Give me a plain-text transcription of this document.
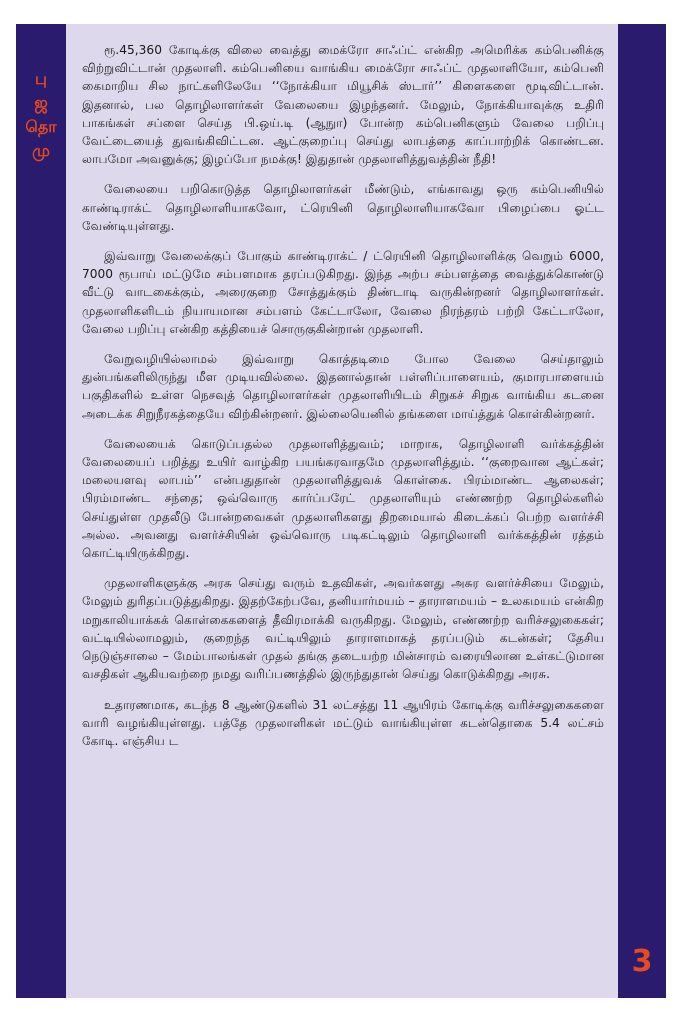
பு
ஜ
தொ
மு

ரூ.45,360 கோடிக்கு விலை வைத்து மைக்ரோ சாஃப்ட் என்கிற அமெரிக்க கம்பெனிக்கு விற்றுவிட்டான் முதலாளி. கம்பெனியை வாங்கிய மைக்ரோ சாஃப்ட் முதலாளியோ, கம்பெனி கைமாறிய சில நாட்களிலேயே ‘‘நோக்கியா மியூசிக் ஸ்டார்’’ கிளைகளை மூடிவிட்டான். இதனால், பல தொழிலாளர்கள் வேலையை இழந்தனர். மேலும், நோக்கியாவுக்கு உதிரி பாகங்கள் சப்ளை செய்த பி.ஒய்.டி (ஆநுா) போன்ற கம்பெனிகளும் வேலை பறிப்பு வேட்டையைத் துவங்கிவிட்டன. ஆட்குறைப்பு செய்து லாபத்தை காப்பாற்றிக் கொண்டன. லாபமோ அவனுக்கு; இழப்போ நமக்கு! இதுதான் முதலாளித்துவத்தின் நீதி!

வேலையை பறிகொடுத்த தொழிலாளர்கள் மீண்டும், எங்காவது ஒரு கம்பெனியில் காண்டிராக்ட் தொழிலாளியாகவோ, ட்ரெயினி தொழிலாளியாகவோ பிழைப்பை ஓட்ட வேண்டியுள்ளது.

இவ்வாறு வேலைக்குப் போகும் காண்டிராக்ட் / ட்ரெயினி தொழிலாளிக்கு வெறும் 6000, 7000 ரூபாய் மட்டுமே சம்பளமாக தரப்படுகிறது. இந்த அற்ப சம்பளத்தை வைத்துக்கொண்டு வீட்டு வாடகைக்கும், அரைகுறை சோத்துக்கும் திண்டாடி வருகின்றனர் தொழிலாளர்கள். முதலாளிகளிடம் நியாயமான சம்பளம் கேட்டாலோ, வேலை நிரந்தரம் பற்றி கேட்டாலோ, வேலை பறிப்பு என்கிற கத்தியைச் சொருகுகின்றான் முதலாளி.

வேறுவழியில்லாமல் இவ்வாறு கொத்தடிமை போல வேலை செய்தாலும் துன்பங்களிலிருந்து மீள முடியவில்லை. இதனால்தான் பள்ளிப்பாளையம், குமாரபாளையம் பகுதிகளில் உள்ள நெசவுத் தொழிலாளர்கள் முதலாளியிடம் சிறுகச் சிறுக வாங்கிய கடனை அடைக்க சிறுநீரகத்தையே விற்கின்றனர். இல்லையெனில் தங்களை மாய்த்துக் கொள்கின்றனர்.

வேலையைக் கொடுப்பதல்ல முதலாளித்துவம்; மாறாக, தொழிலாளி வர்க்கத்தின் வேலையைப் பறித்து உயிர் வாழ்கிற பயங்கரவாதமே முதலாளித்தும். ‘‘குறைவான ஆட்கள்; மலையளவு லாபம்’’ என்பதுதான் முதலாளித்துவக் கொள்கை. பிரம்மாண்ட ஆலைகள்; பிரம்மாண்ட சந்தை; ஒவ்வொரு கார்ப்பரேட் முதலாளியும் எண்ணற்ற தொழில்களில் செய்துள்ள முதலீடு போன்றவைகள் முதலாளிகளது திறமையால் கிடைக்கப் பெற்ற வளர்ச்சி அல்ல. அவனது வளர்ச்சியின் ஒவ்வொரு படிகட்டிலும் தொழிலாளி வர்க்கத்தின் ரத்தம் கொட்டியிருக்கிறது.

முதலாளிகளுக்கு அரசு செய்து வரும் உதவிகள், அவர்களது அசுர வளர்ச்சியை மேலும், மேலும் துரிதப்படுத்துகிறது. இதற்கேற்பவே, தனியார்மயம் – தாராளமயம் – உலகமயம் என்கிற மறுகாலியாக்கக் கொள்கைகளைத் தீவிரமாக்கி வருகிறது. மேலும், எண்ணற்ற வரிச்சலுகைகள்; வட்டியில்லாமலும், குறைந்த வட்டியிலும் தாராளமாகத் தரப்படும் கடன்கள்; தேசிய நெடுஞ்சாலை – மேம்பாலங்கள் முதல் தங்கு தடையற்ற மின்சாரம் வரையிலான உள்கட்டுமான வசதிகள் ஆகியவற்றை நமது வரிப்பணத்தில் இருந்துதான் செய்து கொடுக்கிறது அரசு.

உதாரணமாக, கடந்த 8 ஆண்டுகளில் 31 லட்சத்து 11 ஆயிரம் கோடிக்கு வரிச்சலுகைகளை வாரி வழங்கியுள்ளது. பத்தே முதலாளிகள் மட்டும் வாங்கியுள்ள கடன்தொகை 5.4 லட்சம் கோடி. எஞ்சிய ட

3
